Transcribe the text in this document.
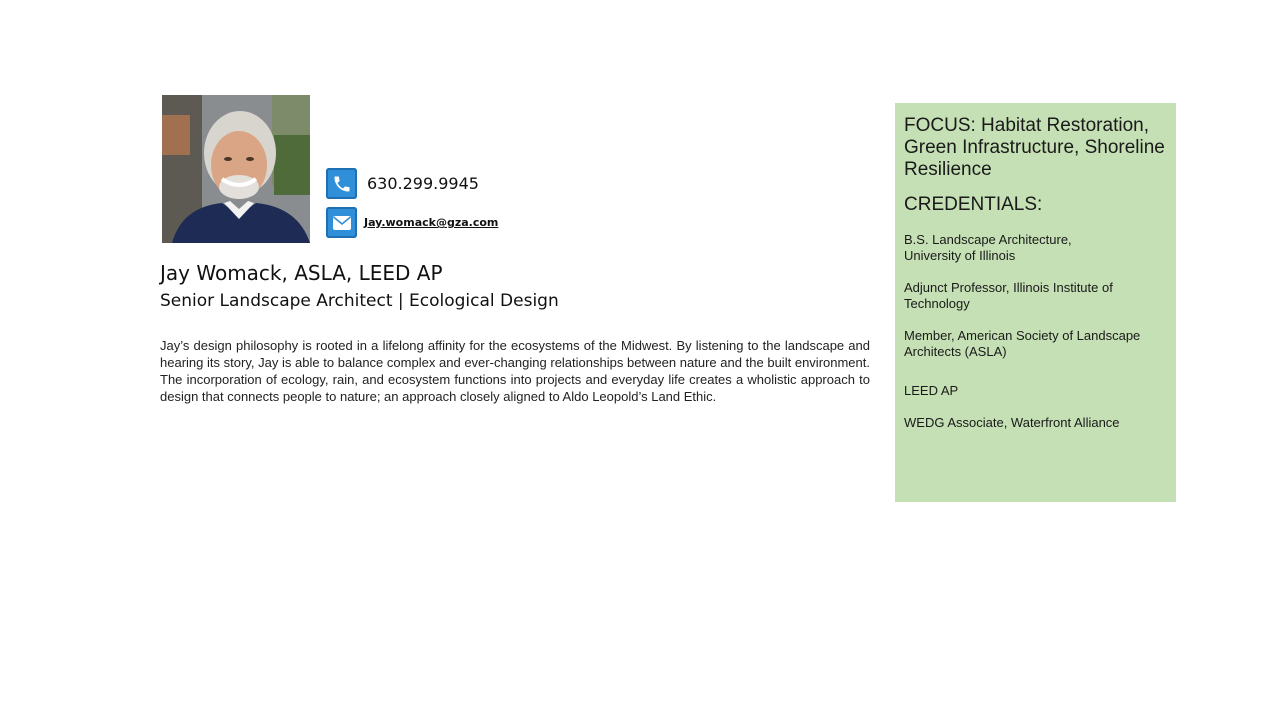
630.299.9945
Jay.womack@gza.com
Jay Womack, ASLA, LEED AP
Senior Landscape Architect | Ecological Design

Jay’s design philosophy is rooted in a lifelong affinity for the ecosystems of the Midwest. By listening to the landscape and hearing its story, Jay is able to balance complex and ever-changing relationships between nature and the built environment. The incorporation of ecology, rain, and ecosystem functions into projects and everyday life creates a wholistic approach to design that connects people to nature; an approach closely aligned to Aldo Leopold’s Land Ethic.

FOCUS: Habitat Restoration, Green Infrastructure, Shoreline Resilience

CREDENTIALS:

B.S. Landscape Architecture,
University of Illinois
Adjunct Professor, Illinois Institute of Technology
Member, American Society of Landscape Architects (ASLA)
LEED AP
WEDG Associate, Waterfront Alliance
